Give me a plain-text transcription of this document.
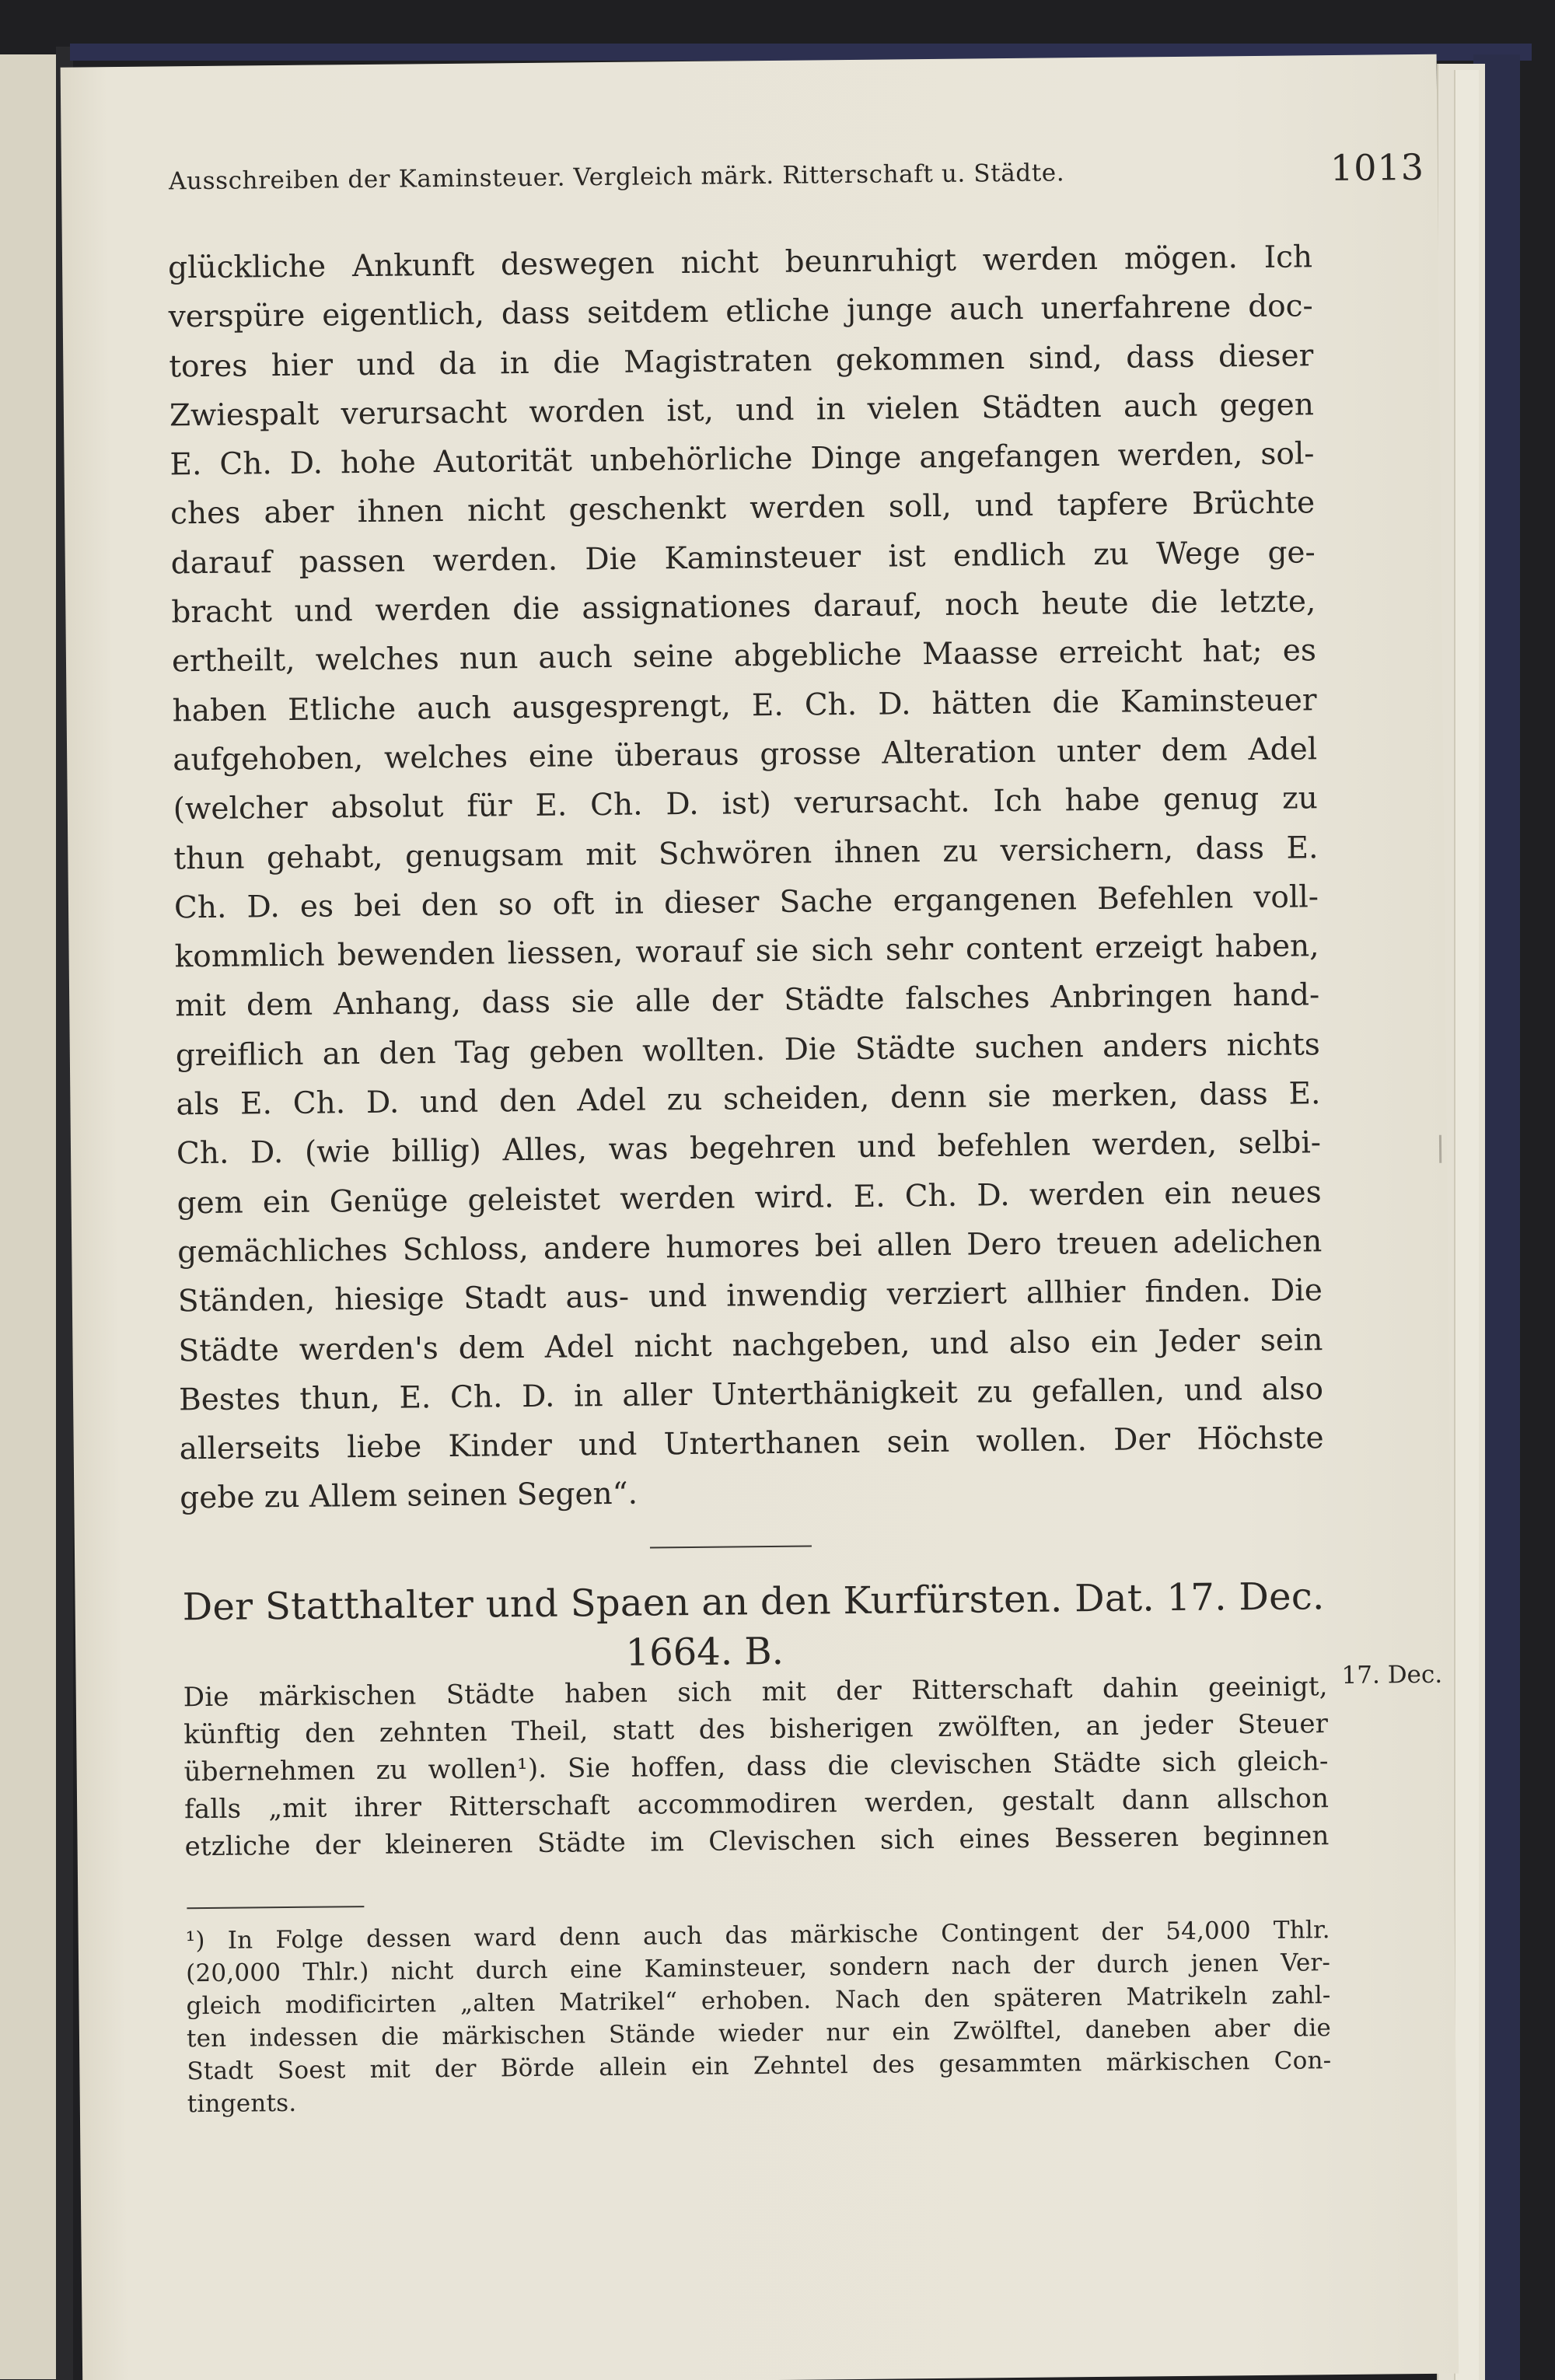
Ausschreiben der Kaminsteuer. Vergleich märk. Ritterschaft u. Städte.	1013
glückliche Ankunft deswegen nicht beunruhigt werden mögen. Ich
verspüre eigentlich, dass seitdem etliche junge auch unerfahrene doc-
tores hier und da in die Magistraten gekommen sind, dass dieser
Zwiespalt verursacht worden ist, und in vielen Städten auch gegen
E. Ch. D. hohe Autorität unbehörliche Dinge angefangen werden, sol-
ches aber ihnen nicht geschenkt werden soll, und tapfere Brüchte
darauf passen werden. Die Kaminsteuer ist endlich zu Wege ge-
bracht und werden die assignationes darauf, noch heute die letzte,
ertheilt, welches nun auch seine abgebliche Maasse erreicht hat; es
haben Etliche auch ausgesprengt, E. Ch. D. hätten die Kaminsteuer
aufgehoben, welches eine überaus grosse Alteration unter dem Adel
(welcher absolut für E. Ch. D. ist) verursacht. Ich habe genug zu
thun gehabt, genugsam mit Schwören ihnen zu versichern, dass E.
Ch. D. es bei den so oft in dieser Sache ergangenen Befehlen voll-
kommlich bewenden liessen, worauf sie sich sehr content erzeigt haben,
mit dem Anhang, dass sie alle der Städte falsches Anbringen hand-
greiflich an den Tag geben wollten. Die Städte suchen anders nichts
als E. Ch. D. und den Adel zu scheiden, denn sie merken, dass E.
Ch. D. (wie billig) Alles, was begehren und befehlen werden, selbi-
gem ein Genüge geleistet werden wird. E. Ch. D. werden ein neues
gemächliches Schloss, andere humores bei allen Dero treuen adelichen
Ständen, hiesige Stadt aus- und inwendig verziert allhier finden. Die
Städte werden's dem Adel nicht nachgeben, und also ein Jeder sein
Bestes thun, E. Ch. D. in aller Unterthänigkeit zu gefallen, und also
allerseits liebe Kinder und Unterthanen sein wollen. Der Höchste
gebe zu Allem seinen Segen“.
Der Statthalter und Spaen an den Kurfürsten. Dat. 17. Dec.
1664. B.
17. Dec.
Die märkischen Städte haben sich mit der Ritterschaft dahin geeinigt,
künftig den zehnten Theil, statt des bisherigen zwölften, an jeder Steuer
übernehmen zu wollen¹). Sie hoffen, dass die clevischen Städte sich gleich-
falls „mit ihrer Ritterschaft accommodiren werden, gestalt dann allschon
etzliche der kleineren Städte im Clevischen sich eines Besseren beginnen
¹) In Folge dessen ward denn auch das märkische Contingent der 54,000 Thlr.
(20,000 Thlr.) nicht durch eine Kaminsteuer, sondern nach der durch jenen Ver-
gleich modificirten „alten Matrikel“ erhoben. Nach den späteren Matrikeln zahl-
ten indessen die märkischen Stände wieder nur ein Zwölftel, daneben aber die
Stadt Soest mit der Börde allein ein Zehntel des gesammten märkischen Con-
tingents.
